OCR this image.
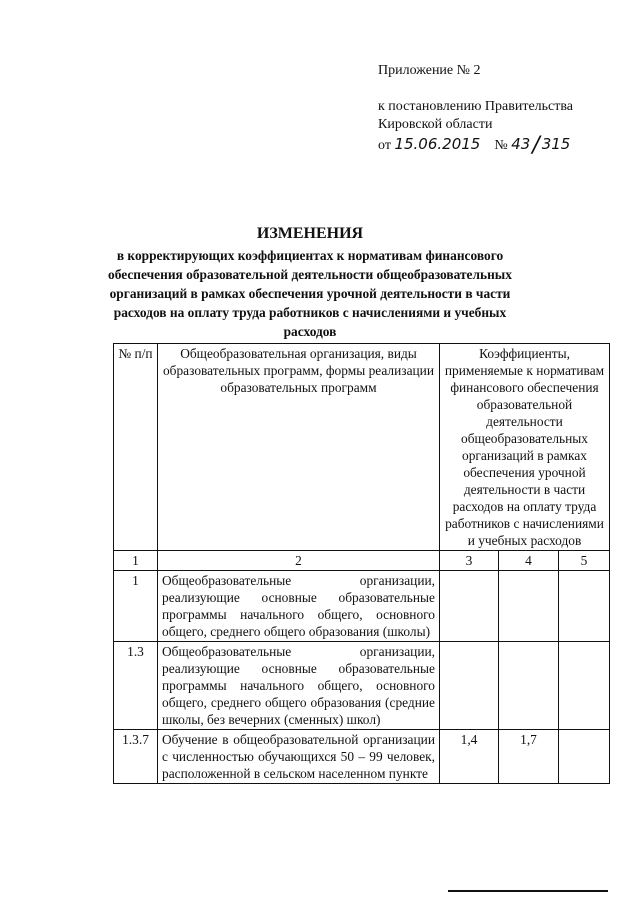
Приложение № 2
к постановлению Правительства
Кировской области
от 15.06.2015 № 43/ 315
ИЗМЕНЕНИЯ
в корректирующих коэффициентах к нормативам финансового обеспечения образовательной деятельности общеобразовательных организаций в рамках обеспечения урочной деятельности в части расходов на оплату труда работников с начислениями и учебных расходов
№ п/п	Общеобразовательная организация, виды образовательных программ, формы реализации образовательных программ	Коэффициенты, применяемые к нормативам финансового обеспечения образовательной деятельности общеобразовательных организаций в рамках обеспечения урочной деятельности в части расходов на оплату труда работников с начислениями и учебных расходов		
1	2	3	4	5
1	Общеобразовательные организации, реализующие основные образовательные программы начального общего, основного общего, среднего общего образования (школы)			
1.3	Общеобразовательные организации, реализующие основные образовательные программы начального общего, основного общего, среднего общего образования (средние школы, без вечерних (сменных) школ)			
1.3.7	Обучение в общеобразовательной организации с численностью обучающихся 50 – 99 человек, расположенной в сельском населенном пункте	1,4	1,7	
